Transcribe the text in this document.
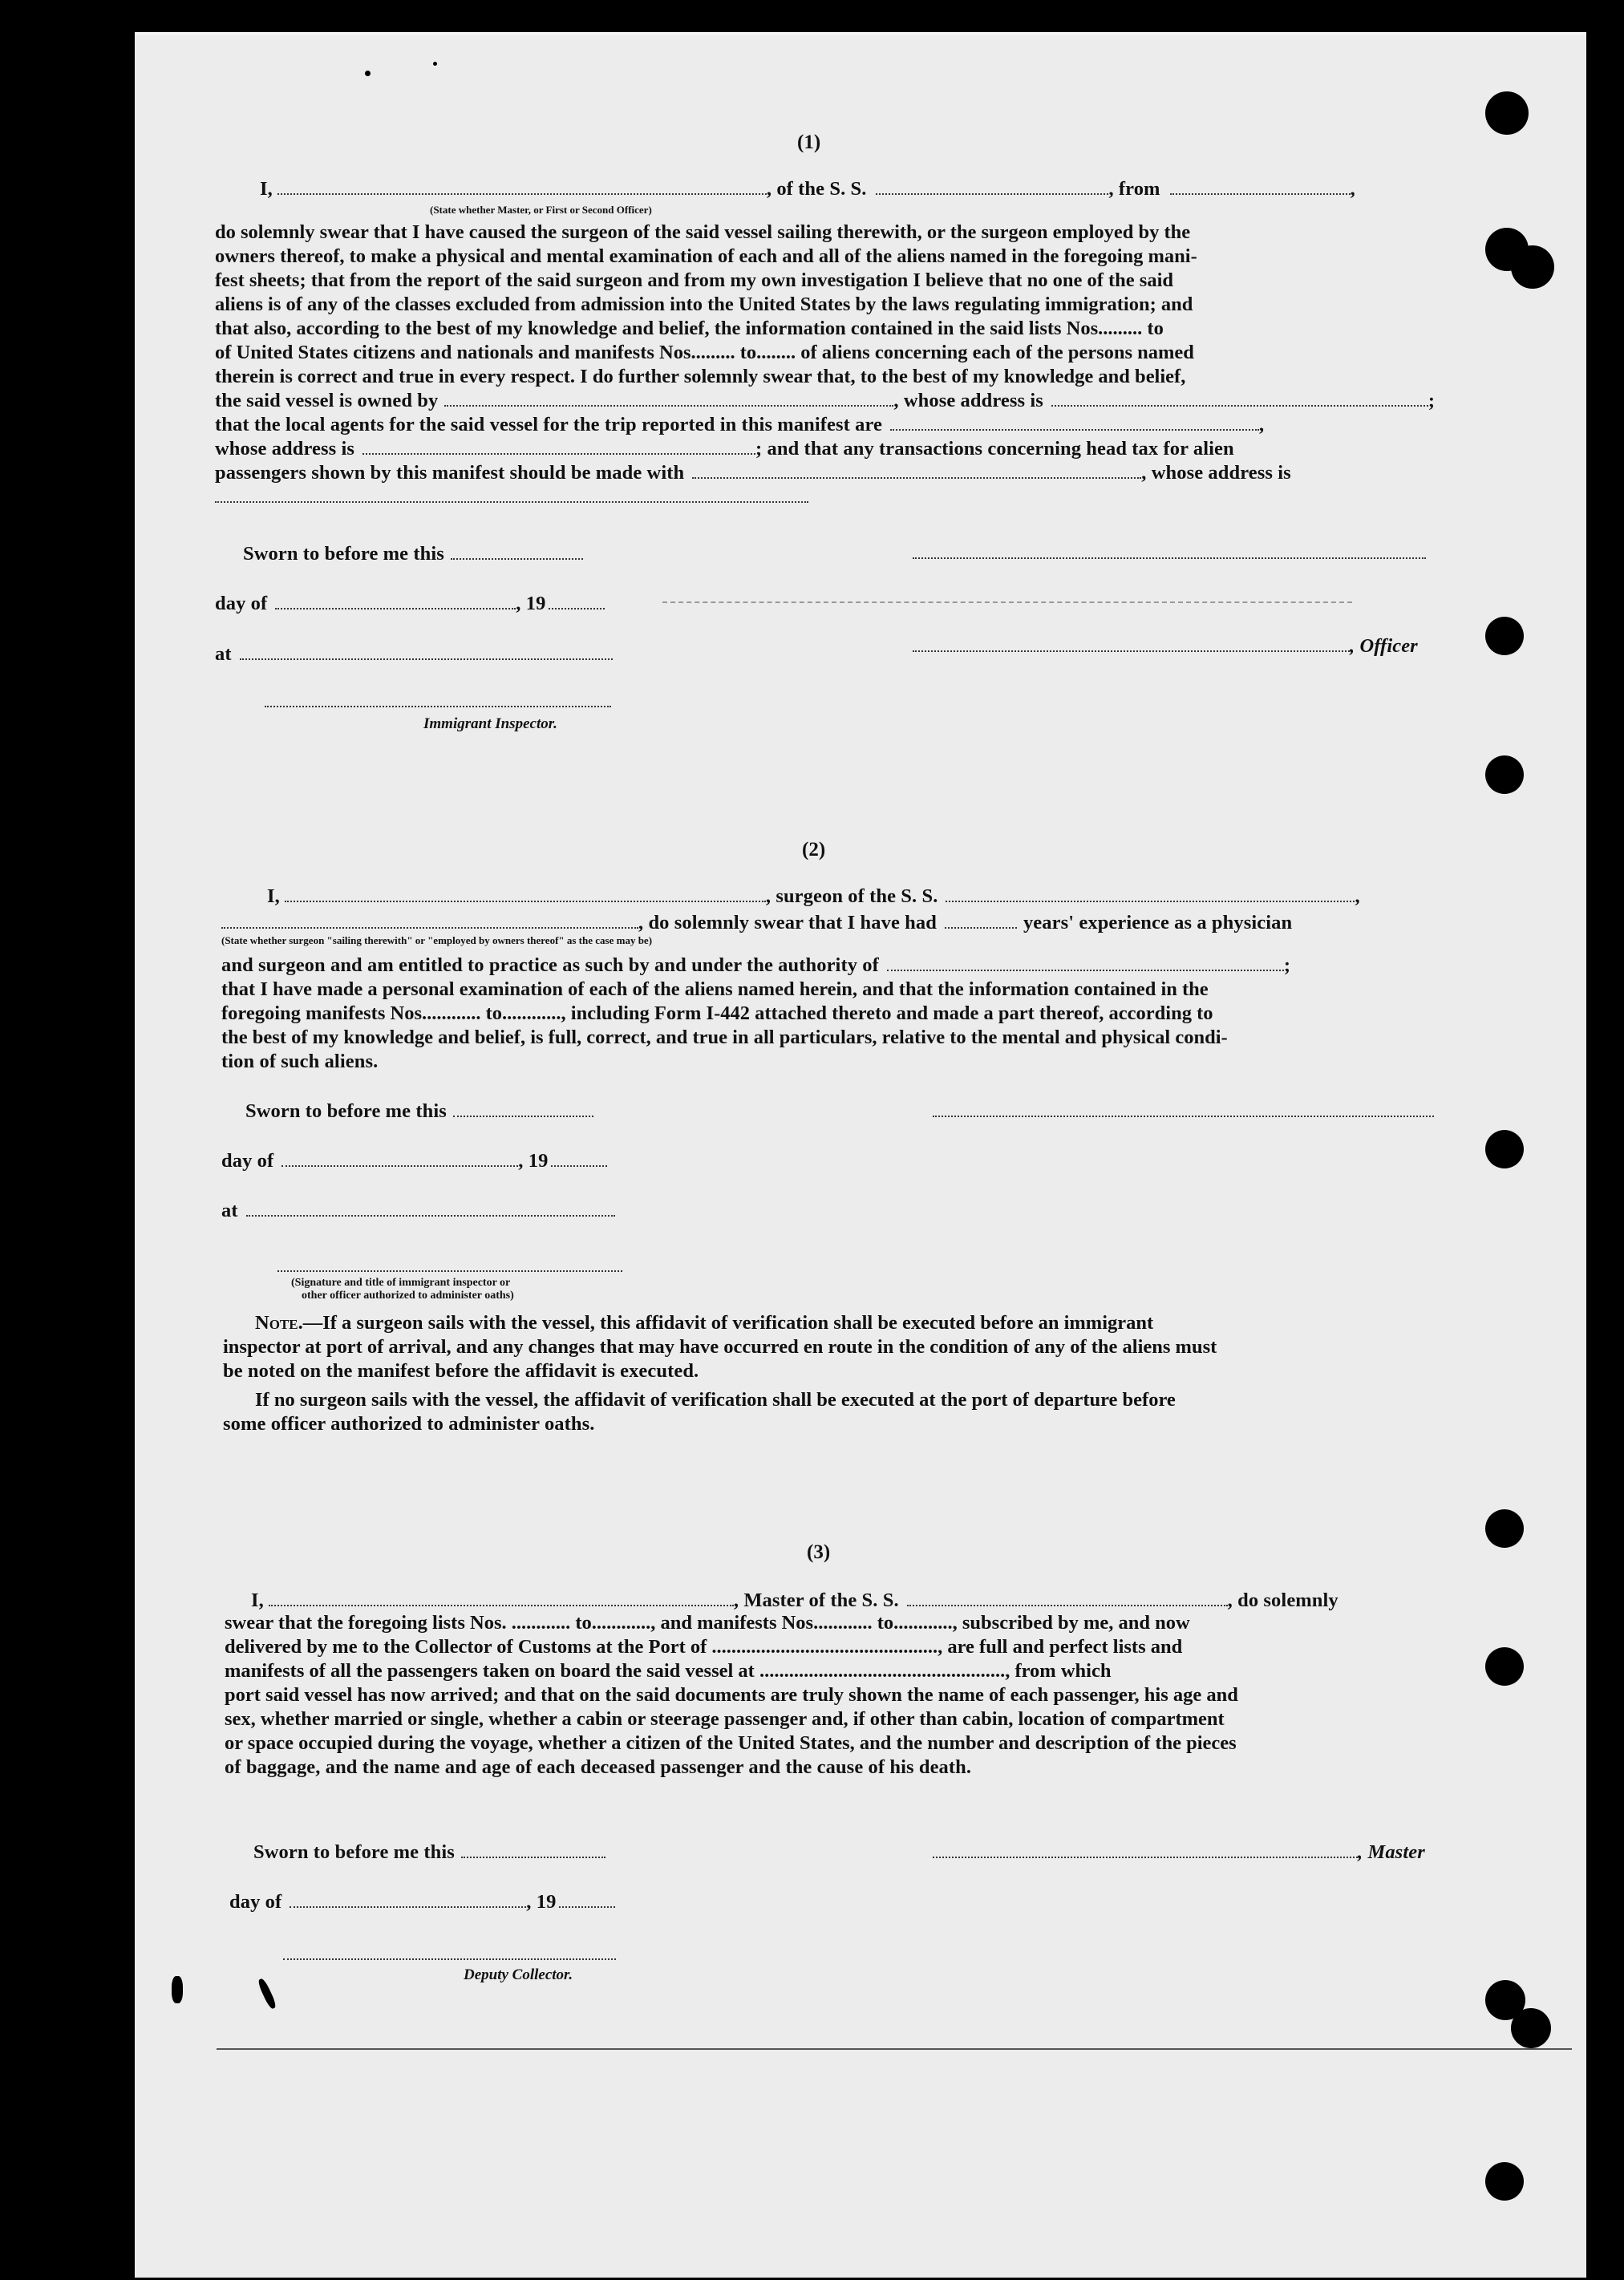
(1)
I,	, of the S. S.	, from	,
(State whether Master, or First or Second Officer)
do solemnly swear that I have caused the surgeon of the said vessel sailing therewith, or the surgeon employed by the
owners thereof, to make a physical and mental examination of each and all of the aliens named in the foregoing mani-
fest sheets; that from the report of the said surgeon and from my own investigation I believe that no one of the said
aliens is of any of the classes excluded from admission into the United States by the laws regulating immigration; and
that also, according to the best of my knowledge and belief, the information contained in the said lists Nos......... to
of United States citizens and nationals and manifests Nos......... to........ of aliens concerning each of the persons named
therein is correct and true in every respect. I do further solemnly swear that, to the best of my knowledge and belief,
the said vessel is owned by	, whose address is	;
that the local agents for the said vessel for the trip reported in this manifest are	,
whose address is	; and that any transactions concerning head tax for alien
passengers shown by this manifest should be made with	, whose address is
Sworn to before me this
day of	, 19
, Officer
at
Immigrant Inspector.
(2)
I,	, surgeon of the S. S.	,
, do solemnly swear that I have had	years' experience as a physician
(State whether surgeon "sailing therewith" or "employed by owners thereof" as the case may be)
and surgeon and am entitled to practice as such by and under the authority of	;
that I have made a personal examination of each of the aliens named herein, and that the information contained in the
foregoing manifests Nos............ to............, including Form I-442 attached thereto and made a part thereof, according to
the best of my knowledge and belief, is full, correct, and true in all particulars, relative to the mental and physical condi-
tion of such aliens.
Sworn to before me this
day of	, 19
at
(Signature and title of immigrant inspector or
other officer authorized to administer oaths)
Note.—If a surgeon sails with the vessel, this affidavit of verification shall be executed before an immigrant
inspector at port of arrival, and any changes that may have occurred en route in the condition of any of the aliens must
be noted on the manifest before the affidavit is executed.
If no surgeon sails with the vessel, the affidavit of verification shall be executed at the port of departure before
some officer authorized to administer oaths.
(3)
I,	, Master of the S. S.	, do solemnly
swear that the foregoing lists Nos. ............ to............, and manifests Nos............ to............, subscribed by me, and now
delivered by me to the Collector of Customs at the Port of .............................................., are full and perfect lists and
manifests of all the passengers taken on board the said vessel at .................................................., from which
port said vessel has now arrived; and that on the said documents are truly shown the name of each passenger, his age and
sex, whether married or single, whether a cabin or steerage passenger and, if other than cabin, location of compartment
or space occupied during the voyage, whether a citizen of the United States, and the number and description of the pieces
of baggage, and the name and age of each deceased passenger and the cause of his death.
Sworn to before me this	, Master
day of	, 19
Deputy Collector.
